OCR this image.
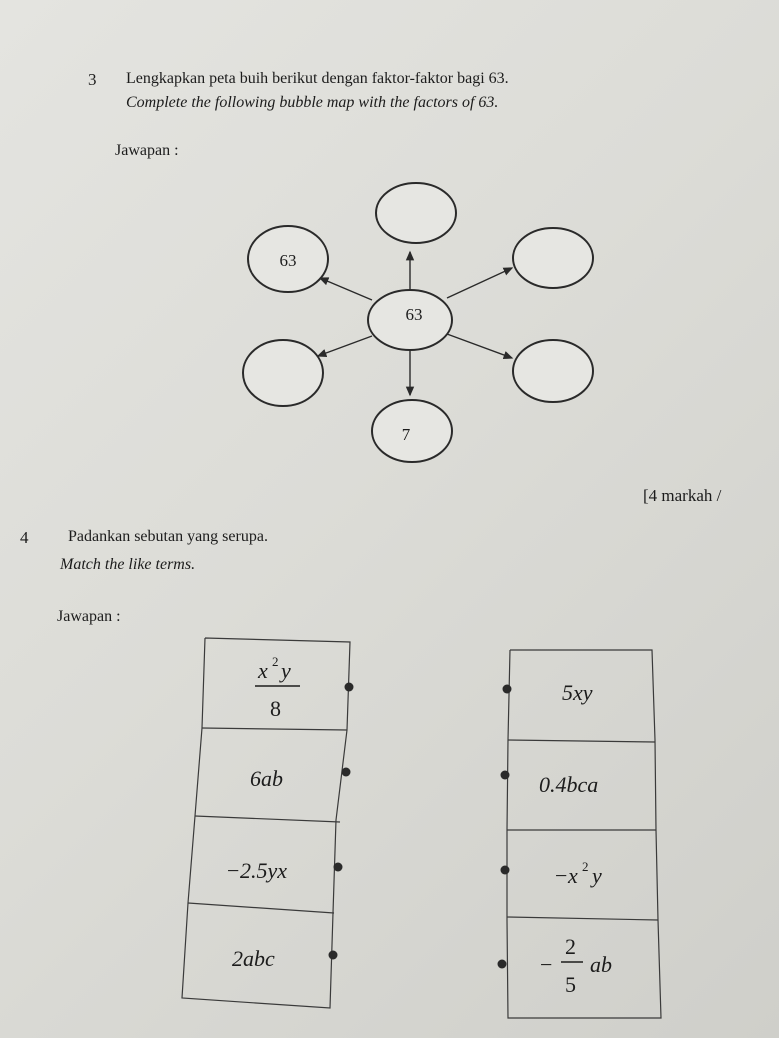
3 Lengkapkan peta buih berikut dengan faktor-faktor bagi 63.
Complete the following bubble map with the factors of 63.
Jawapan :
63
7
63
[4 markah /
4 Padankan sebutan yang serupa.
Match the like terms.
Jawapan :
x 2 y
8
6ab
− 2.5yx
2abc
5xy
0.4bca
− x 2 y
−
2
5
ab
